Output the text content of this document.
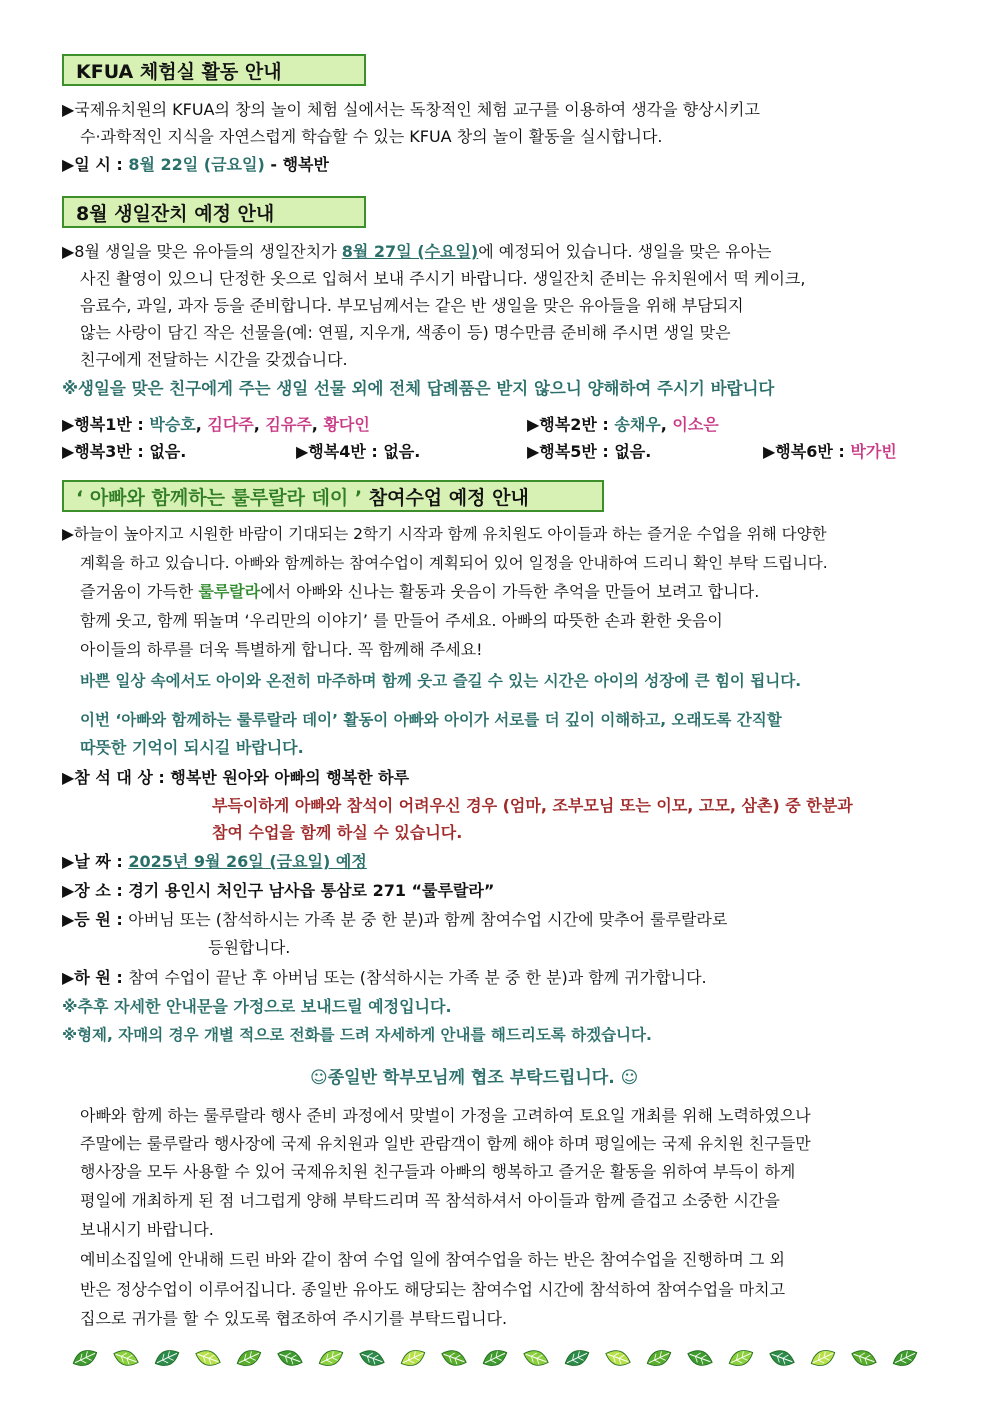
KFUA 체험실 활동 안내
▶국제유치원의 KFUA의 창의 놀이 체험 실에서는 독창적인 체험 교구를 이용하여 생각을 향상시키고
수·과학적인 지식을 자연스럽게 학습할 수 있는 KFUA 창의 놀이 활동을 실시합니다.
▶일 시 : 8월 22일 (금요일) - 행복반
8월 생일잔치 예정 안내
▶8월 생일을 맞은 유아들의 생일잔치가 8월 27일 (수요일)에 예정되어 있습니다. 생일을 맞은 유아는
사진 촬영이 있으니 단정한 옷으로 입혀서 보내 주시기 바랍니다. 생일잔치 준비는 유치원에서 떡 케이크,
음료수, 과일, 과자 등을 준비합니다. 부모님께서는 같은 반 생일을 맞은 유아들을 위해 부담되지
않는 사랑이 담긴 작은 선물을(예: 연필, 지우개, 색종이 등) 명수만큼 준비해 주시면 생일 맞은
친구에게 전달하는 시간을 갖겠습니다.
※생일을 맞은 친구에게 주는 생일 선물 외에 전체 답례품은 받지 않으니 양해하여 주시기 바랍니다
▶행복1반 : 박승호, 김다주, 김유주, 황다인	▶행복2반 : 송채우, 이소은
▶행복3반 : 없음.	▶행복4반 : 없음.	▶행복5반 : 없음.	▶행복6반 : 박가빈
‘ 아빠와 함께하는 룰루랄라 데이 ’ 참여수업 예정 안내
▶하늘이 높아지고 시원한 바람이 기대되는 2학기 시작과 함께 유치원도 아이들과 하는 즐거운 수업을 위해 다양한
계획을 하고 있습니다. 아빠와 함께하는 참여수업이 계획되어 있어 일정을 안내하여 드리니 확인 부탁 드립니다.
즐거움이 가득한 룰루랄라에서 아빠와 신나는 활동과 웃음이 가득한 추억을 만들어 보려고 합니다.
함께 웃고, 함께 뛰놀며 ‘우리만의 이야기’ 를 만들어 주세요. 아빠의 따뜻한 손과 환한 웃음이
아이들의 하루를 더욱 특별하게 합니다. 꼭 함께해 주세요!
바쁜 일상 속에서도 아이와 온전히 마주하며 함께 웃고 즐길 수 있는 시간은 아이의 성장에 큰 힘이 됩니다.
이번 ‘아빠와 함께하는 룰루랄라 데이’ 활동이 아빠와 아이가 서로를 더 깊이 이해하고, 오래도록 간직할
따뜻한 기억이 되시길 바랍니다.
▶참 석 대 상 : 행복반 원아와 아빠의 행복한 하루
부득이하게 아빠와 참석이 어려우신 경우 (엄마, 조부모님 또는 이모, 고모, 삼촌) 중 한분과
참여 수업을 함께 하실 수 있습니다.
▶날 짜 : 2025년 9월 26일 (금요일) 예정
▶장 소 : 경기 용인시 처인구 남사읍 통삼로 271 “룰루랄라”
▶등 원 : 아버님 또는 (참석하시는 가족 분 중 한 분)과 함께 참여수업 시간에 맞추어 룰루랄라로
등원합니다.
▶하 원 : 참여 수업이 끝난 후 아버님 또는 (참석하시는 가족 분 중 한 분)과 함께 귀가합니다.
※추후 자세한 안내문을 가정으로 보내드릴 예정입니다.
※형제, 자매의 경우 개별 적으로 전화를 드려 자세하게 안내를 해드리도록 하겠습니다.
☺종일반 학부모님께 협조 부탁드립니다. ☺
아빠와 함께 하는 룰루랄라 행사 준비 과정에서 맞벌이 가정을 고려하여 토요일 개최를 위해 노력하였으나
주말에는 룰루랄라 행사장에 국제 유치원과 일반 관람객이 함께 해야 하며 평일에는 국제 유치원 친구들만
행사장을 모두 사용할 수 있어 국제유치원 친구들과 아빠의 행복하고 즐거운 활동을 위하여 부득이 하게
평일에 개최하게 된 점 너그럽게 양해 부탁드리며 꼭 참석하셔서 아이들과 함께 즐겁고 소중한 시간을
보내시기 바랍니다.
예비소집일에 안내해 드린 바와 같이 참여 수업 일에 참여수업을 하는 반은 참여수업을 진행하며 그 외
반은 정상수업이 이루어집니다. 종일반 유아도 해당되는 참여수업 시간에 참석하여 참여수업을 마치고
집으로 귀가를 할 수 있도록 협조하여 주시기를 부탁드립니다.
